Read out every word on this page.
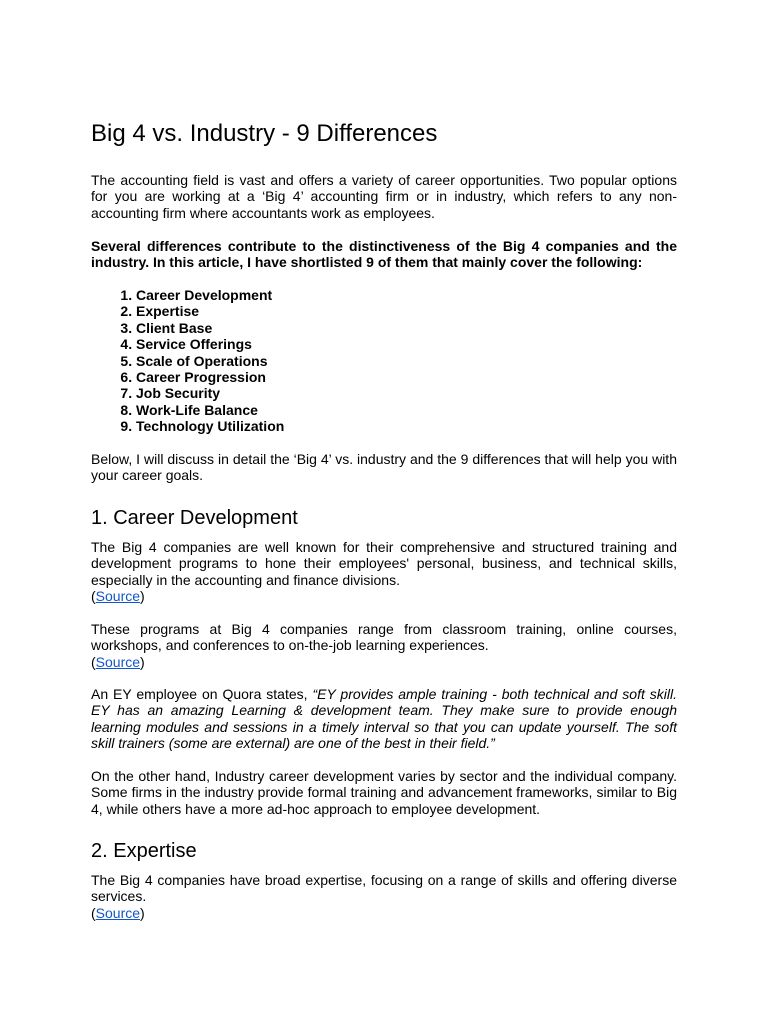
Big 4 vs. Industry - 9 Differences

The accounting field is vast and offers a variety of career opportunities. Two popular options for you are working at a ‘Big 4’ accounting firm or in industry, which refers to any non-accounting firm where accountants work as employees.

Several differences contribute to the distinctiveness of the Big 4 companies and the industry. In this article, I have shortlisted 9 of them that mainly cover the following:

1. Career Development
2. Expertise
3. Client Base
4. Service Offerings
5. Scale of Operations
6. Career Progression
7. Job Security
8. Work-Life Balance
9. Technology Utilization

Below, I will discuss in detail the ‘Big 4’ vs. industry and the 9 differences that will help you with your career goals.

1. Career Development

The Big 4 companies are well known for their comprehensive and structured training and development programs to hone their employees' personal, business, and technical skills, especially in the accounting and finance divisions.

(Source)

These programs at Big 4 companies range from classroom training, online courses, workshops, and conferences to on-the-job learning experiences.

(Source)

An EY employee on Quora states, “EY provides ample training - both technical and soft skill. EY has an amazing Learning & development team. They make sure to provide enough learning modules and sessions in a timely interval so that you can update yourself. The soft skill trainers (some are external) are one of the best in their field.”

On the other hand, Industry career development varies by sector and the individual company. Some firms in the industry provide formal training and advancement frameworks, similar to Big 4, while others have a more ad-hoc approach to employee development.

2. Expertise

The Big 4 companies have broad expertise, focusing on a range of skills and offering diverse services.

(Source)
